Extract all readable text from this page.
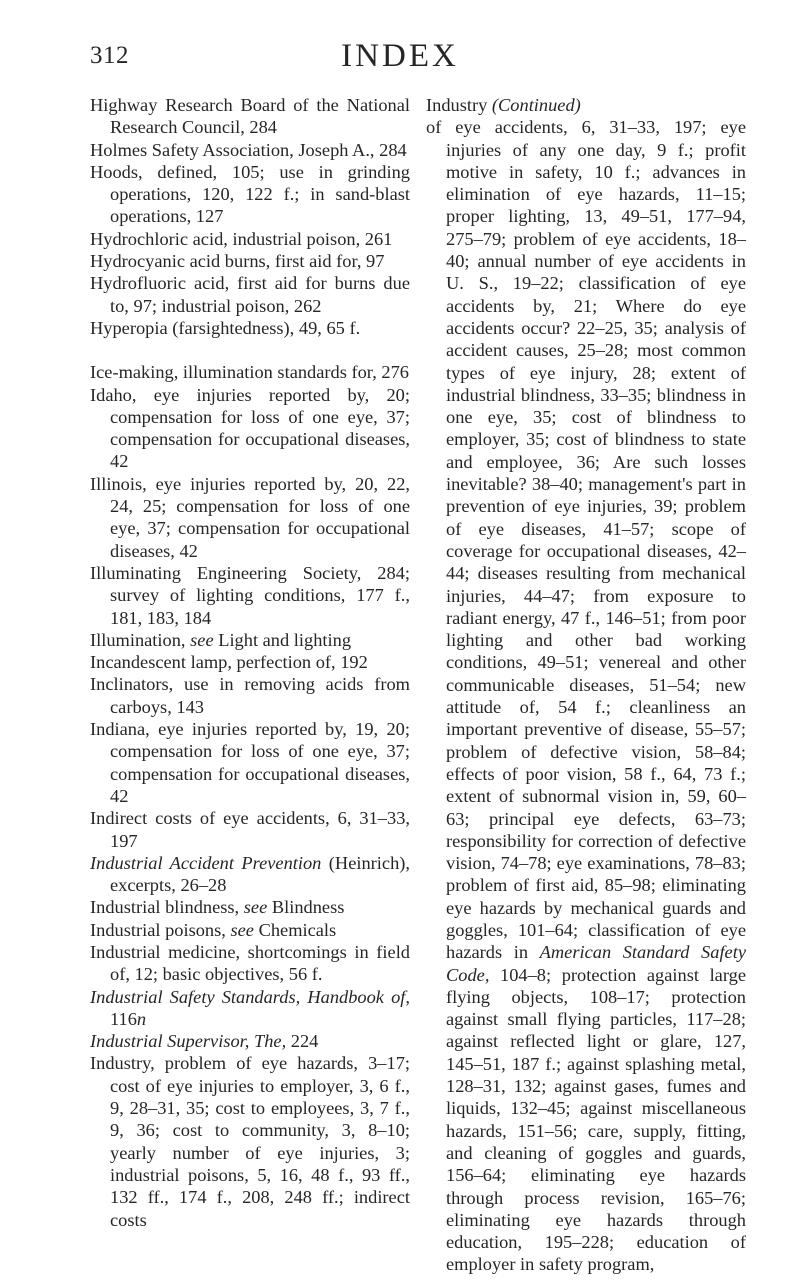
312	INDEX
Highway Research Board of the National Research Council, 284
Holmes Safety Association, Joseph A., 284
Hoods, defined, 105; use in grinding operations, 120, 122 f.; in sand-blast operations, 127
Hydrochloric acid, industrial poison, 261
Hydrocyanic acid burns, first aid for, 97
Hydrofluoric acid, first aid for burns due to, 97; industrial poison, 262
Hyperopia (farsightedness), 49, 65 f.
Ice-making, illumination standards for, 276
Idaho, eye injuries reported by, 20; compensation for loss of one eye, 37; compensation for occupational diseases, 42
Illinois, eye injuries reported by, 20, 22, 24, 25; compensation for loss of one eye, 37; compensation for occupational diseases, 42
Illuminating Engineering Society, 284; survey of lighting conditions, 177 f., 181, 183, 184
Illumination, see Light and lighting
Incandescent lamp, perfection of, 192
Inclinators, use in removing acids from carboys, 143
Indiana, eye injuries reported by, 19, 20; compensation for loss of one eye, 37; compensation for occupational diseases, 42
Indirect costs of eye accidents, 6, 31–33, 197
Industrial Accident Prevention (Heinrich), excerpts, 26–28
Industrial blindness, see Blindness
Industrial poisons, see Chemicals
Industrial medicine, shortcomings in field of, 12; basic objectives, 56 f.
Industrial Safety Standards, Handbook of, 116n
Industrial Supervisor, The, 224
Industry, problem of eye hazards, 3–17; cost of eye injuries to employer, 3, 6 f., 9, 28–31, 35; cost to employees, 3, 7 f., 9, 36; cost to community, 3, 8–10; yearly number of eye injuries, 3; industrial poisons, 5, 16, 48 f., 93 ff., 132 ff., 174 f., 208, 248 ff.; indirect costs
Industry (Continued)
of eye accidents, 6, 31–33, 197; eye injuries of any one day, 9 f.; profit motive in safety, 10 f.; advances in elimination of eye hazards, 11–15; proper lighting, 13, 49–51, 177–94, 275–79; problem of eye accidents, 18–40; annual number of eye accidents in U. S., 19–22; classification of eye accidents by, 21; Where do eye accidents occur? 22–25, 35; analysis of accident causes, 25–28; most common types of eye injury, 28; extent of industrial blindness, 33–35; blindness in one eye, 35; cost of blindness to employer, 35; cost of blindness to state and employee, 36; Are such losses inevitable? 38–40; management's part in prevention of eye injuries, 39; problem of eye diseases, 41–57; scope of coverage for occupational diseases, 42–44; diseases resulting from mechanical injuries, 44–47; from exposure to radiant energy, 47 f., 146–51; from poor lighting and other bad working conditions, 49–51; venereal and other communicable diseases, 51–54; new attitude of, 54 f.; cleanliness an important preventive of disease, 55–57; problem of defective vision, 58–84; effects of poor vision, 58 f., 64, 73 f.; extent of subnormal vision in, 59, 60–63; principal eye defects, 63–73; responsibility for correction of defective vision, 74–78; eye examinations, 78–83; problem of first aid, 85–98; eliminating eye hazards by mechanical guards and goggles, 101–64; classification of eye hazards in American Standard Safety Code, 104–8; protection against large flying objects, 108–17; protection against small flying particles, 117–28; against reflected light or glare, 127, 145–51, 187 f.; against splashing metal, 128–31, 132; against gases, fumes and liquids, 132–45; against miscellaneous hazards, 151–56; care, supply, fitting, and cleaning of goggles and guards, 156–64; eliminating eye hazards through process revision, 165–76; eliminating eye hazards through education, 195–228; education of employer in safety program,
